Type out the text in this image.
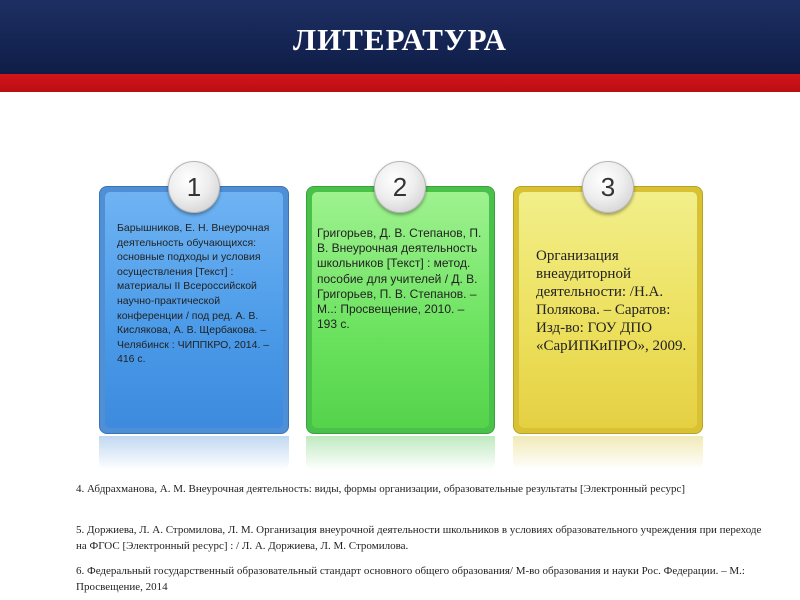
ЛИТЕРАТУРА
1	2	3
Барышников, Е. Н. Внеурочная деятельность обучающихся: основные подходы и условия осуществления [Текст] : материалы II Всероссийской научно-практической конференции / под ред. А. В. Кислякова, А. В. Щербакова. – Челябинск : ЧИППКРО, 2014. – 416 с.
Григорьев, Д. В. Степанов, П. В. Внеурочная деятельность школьников [Текст] : метод. пособие для учителей / Д. В. Григорьев, П. В. Степанов. – М..: Просвещение, 2010. – 193 с.
Организация внеаудиторной деятельности: /Н.А. Полякова. – Саратов: Изд-во: ГОУ ДПО «СарИПКиПРО», 2009.
4. Абдрахманова, А. М. Внеурочная деятельность: виды, формы организации, образовательные результаты [Электронный ресурс]
5. Доржиева, Л. А. Стромилова, Л. М. Организация внеурочной деятельности школьников в условиях образовательного учреждения при переходе на ФГОС [Электронный ресурс] : / Л. А. Доржиева, Л. М. Стромилова.
6. Федеральный государственный образовательный стандарт основного общего образования/ М-во образования и науки Рос. Федерации. – М.: Просвещение, 2014
